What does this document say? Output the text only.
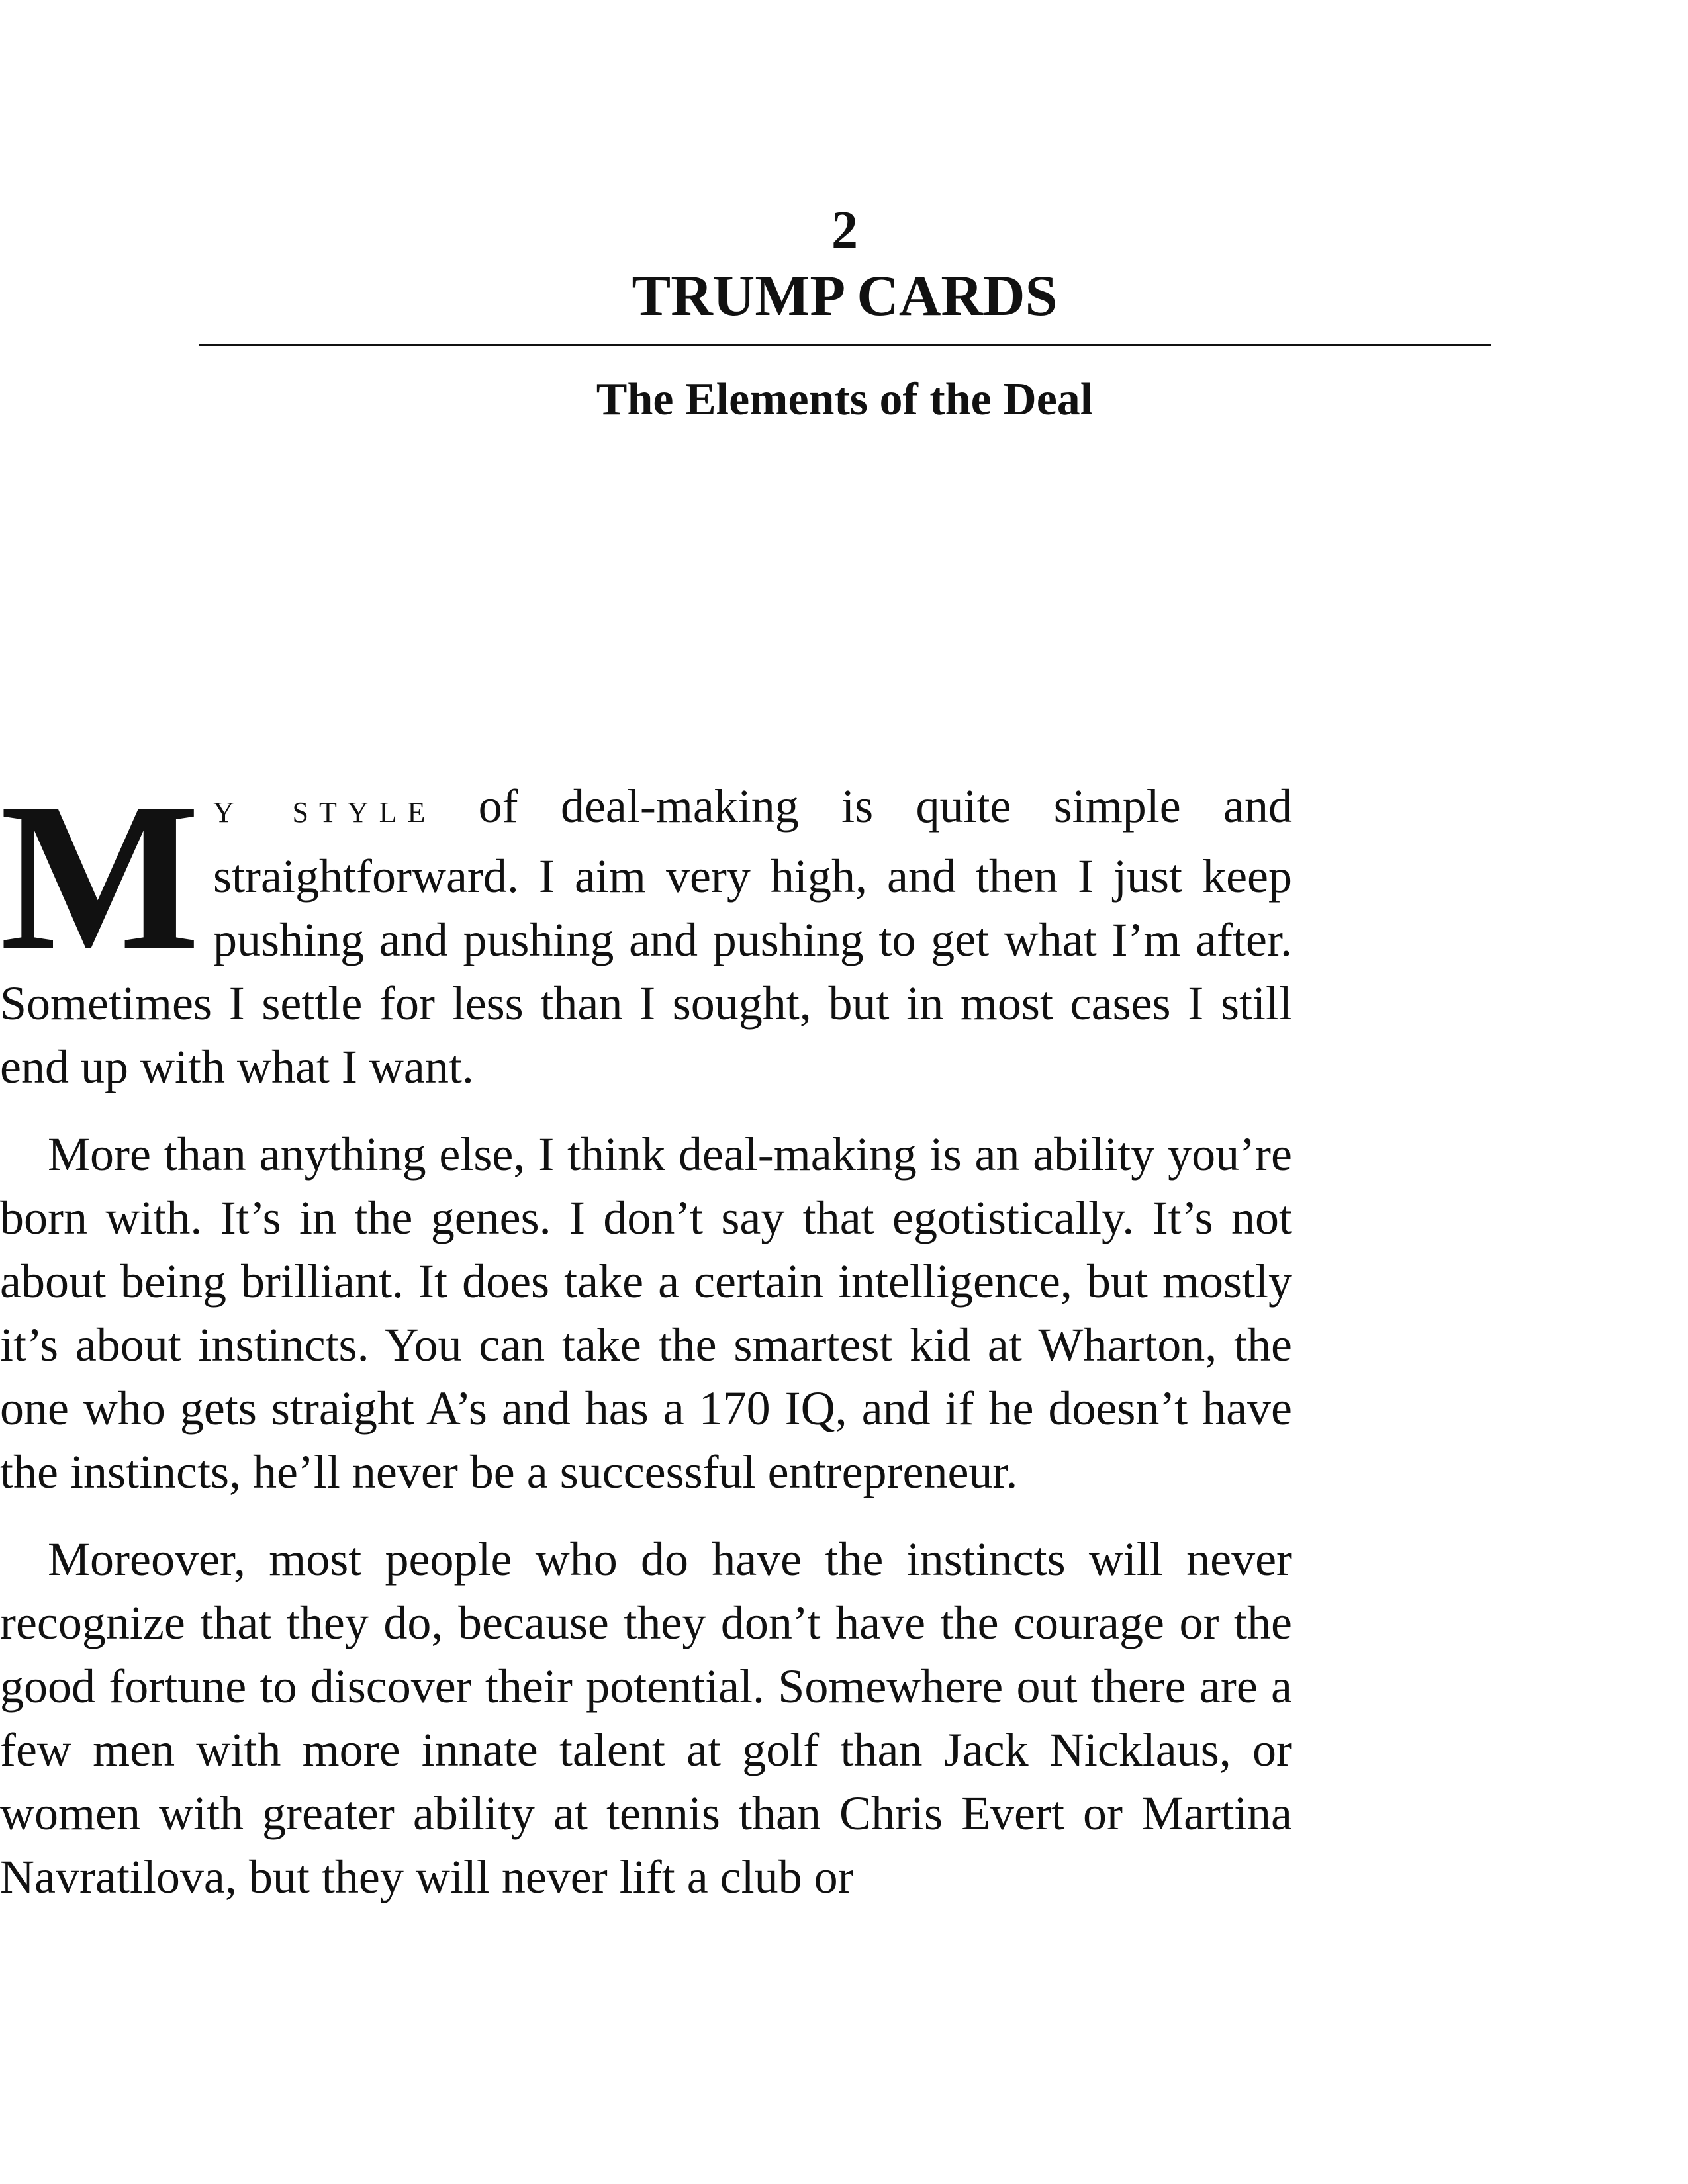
2
TRUMP CARDS
The Elements of the Deal

M Y STYLE of deal-making is quite simple and straightforward. I aim very high, and then I just keep pushing and pushing and pushing to get what I’m after. Sometimes I settle for less than I sought, but in most cases I still end up with what I want.

More than anything else, I think deal-making is an ability you’re born with. It’s in the genes. I don’t say that egotistically. It’s not about being brilliant. It does take a certain intelligence, but mostly it’s about instincts. You can take the smartest kid at Wharton, the one who gets straight A’s and has a 170 IQ, and if he doesn’t have the instincts, he’ll never be a successful entrepreneur.

Moreover, most people who do have the instincts will never recognize that they do, because they don’t have the courage or the good fortune to discover their potential. Somewhere out there are a few men with more innate talent at golf than Jack Nicklaus, or women with greater ability at tennis than Chris Evert or Martina Navratilova, but they will never lift a club or
